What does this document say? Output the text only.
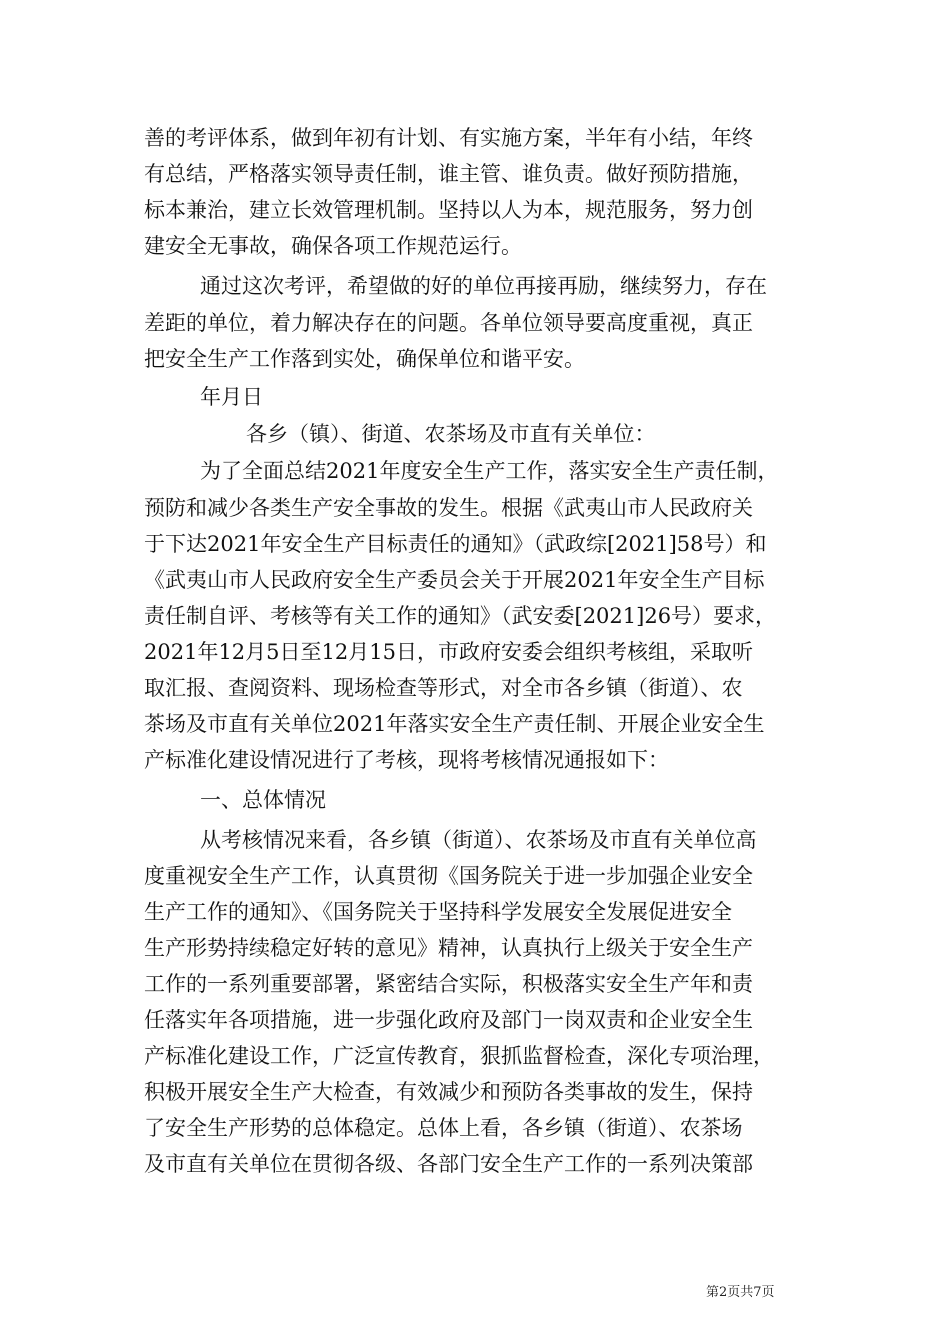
善的考评体系，做到年初有计划、有实施方案，半年有小结，年终
有总结，严格落实领导责任制，谁主管、谁负责。做好预防措施，
标本兼治，建立长效管理机制。坚持以人为本，规范服务，努力创
建安全无事故，确保各项工作规范运行。
通过这次考评，希望做的好的单位再接再励，继续努力，存在
差距的单位，着力解决存在的问题。各单位领导要高度重视，真正
把安全生产工作落到实处，确保单位和谐平安。
年月日
各乡（镇）、街道、农茶场及市直有关单位：
为了全面总结2021年度安全生产工作，落实安全生产责任制，
预防和减少各类生产安全事故的发生。根据《武夷山市人民政府关
于下达2021年安全生产目标责任的通知》（武政综[2021]58号）和
《武夷山市人民政府安全生产委员会关于开展2021年安全生产目标
责任制自评、考核等有关工作的通知》（武安委[2021]26号）要求，
2021年12月5日至12月15日，市政府安委会组织考核组，采取听
取汇报、查阅资料、现场检查等形式，对全市各乡镇（街道）、农
茶场及市直有关单位2021年落实安全生产责任制、开展企业安全生
产标准化建设情况进行了考核，现将考核情况通报如下：
一、总体情况
从考核情况来看，各乡镇（街道）、农茶场及市直有关单位高
度重视安全生产工作，认真贯彻《国务院关于进一步加强企业安全
生产工作的通知》、《国务院关于坚持科学发展安全发展促进安全
生产形势持续稳定好转的意见》精神，认真执行上级关于安全生产
工作的一系列重要部署，紧密结合实际，积极落实安全生产年和责
任落实年各项措施，进一步强化政府及部门一岗双责和企业安全生
产标准化建设工作，广泛宣传教育，狠抓监督检查，深化专项治理，
积极开展安全生产大检查，有效减少和预防各类事故的发生，保持
了安全生产形势的总体稳定。总体上看，各乡镇（街道）、农茶场
及市直有关单位在贯彻各级、各部门安全生产工作的一系列决策部
第2页共7页
